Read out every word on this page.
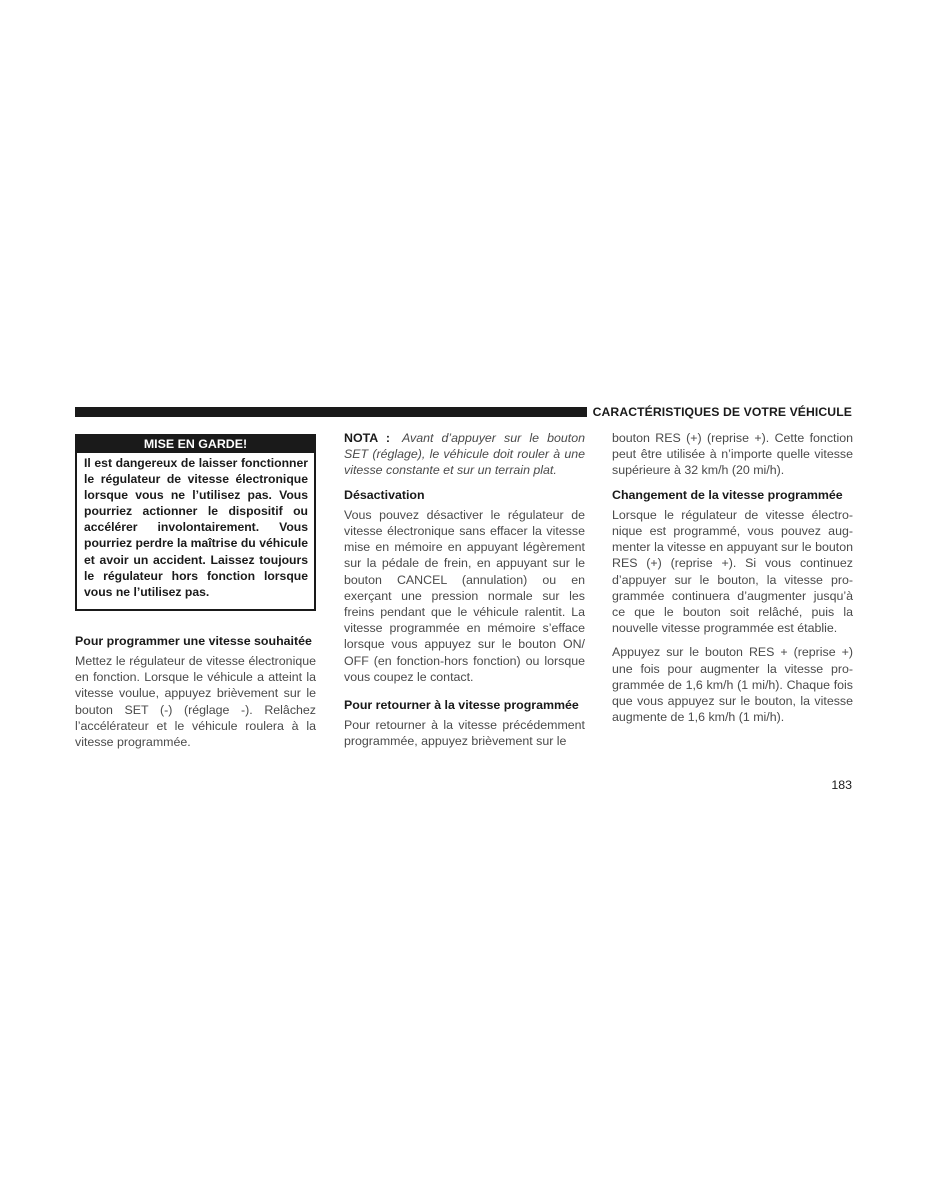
CARACTÉRISTIQUES DE VOTRE VÉHICULE
MISE EN GARDE!
Il est dangereux de laisser fonctionner le régulateur de vitesse électronique lorsque vous ne l’utilisez pas. Vous pourriez actionner le dispositif ou accélérer involontairement. Vous pourriez perdre la maîtrise du véhicule et avoir un accident. Laissez toujours le régulateur hors fonction lorsque vous ne l’utilisez pas.
Pour programmer une vitesse souhaitée

Mettez le régulateur de vitesse électronique en fonction. Lorsque le véhicule a atteint la vitesse voulue, appuyez brièvement sur le bouton SET (-) (réglage -). Relâchez l’accélérateur et le véhicule roulera à la vitesse programmée.

NOTA : Avant d’appuyer sur le bouton SET (réglage), le véhicule doit rouler à une vitesse constante et sur un terrain plat.

Désactivation

Vous pouvez désactiver le régulateur de vitesse électronique sans effacer la vitesse mise en mémoire en appuyant légèrement sur la pédale de frein, en appuyant sur le bouton CANCEL (annulation) ou en exerçant une pression normale sur les freins pendant que le véhicule ralentit. La vitesse programmée en mémoire s’efface lorsque vous appuyez sur le bouton ON/ OFF (en fonction-hors fonction) ou lorsque vous coupez le contact.

Pour retourner à la vitesse programmée

Pour retourner à la vitesse précédemment programmée, appuyez brièvement sur le

bouton RES (+) (reprise +). Cette fonction peut être utilisée à n’importe quelle vitesse supérieure à 32 km/h (20 mi/h).

Changement de la vitesse programmée

Lorsque le régulateur de vitesse électronique est programmé, vous pouvez augmenter la vitesse en appuyant sur le bouton RES (+) (reprise +). Si vous continuez d’appuyer sur le bouton, la vitesse programmée continuera d’augmenter jusqu’à ce que le bouton soit relâché, puis la nouvelle vitesse programmée est établie.

Appuyez sur le bouton RES + (reprise +) une fois pour augmenter la vitesse programmée de 1,6 km/h (1 mi/h). Chaque fois que vous appuyez sur le bouton, la vitesse augmente de 1,6 km/h (1 mi/h).

183
